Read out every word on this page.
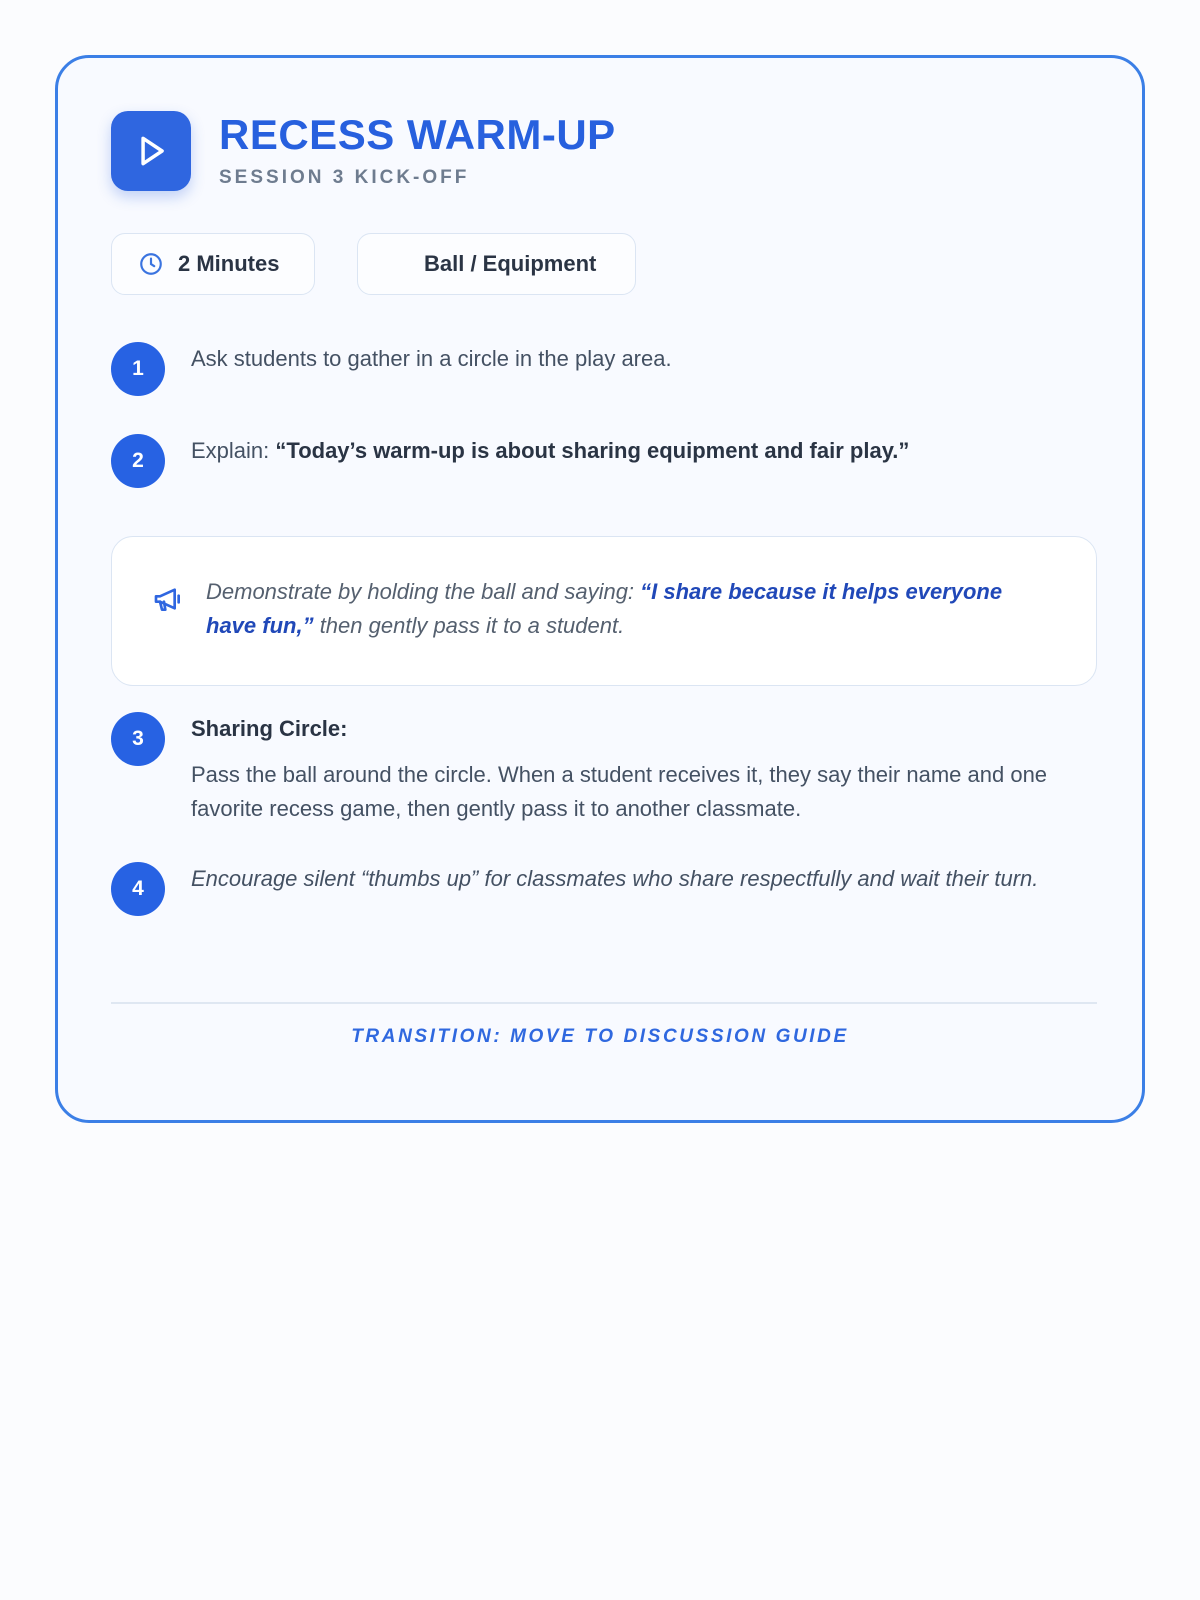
RECESS WARM-UP
SESSION 3 KICK-OFF
2 Minutes	Ball / Equipment
1	Ask students to gather in a circle in the play area.
2	Explain: “Today’s warm-up is about sharing equipment and fair play.”
Demonstrate by holding the ball and saying: “I share because it helps everyone have fun,” then gently pass it to a student.
3	Sharing Circle:
Pass the ball around the circle. When a student receives it, they say their name and one favorite recess game, then gently pass it to another classmate.
4	Encourage silent “thumbs up” for classmates who share respectfully and wait their turn.
TRANSITION: MOVE TO DISCUSSION GUIDE
